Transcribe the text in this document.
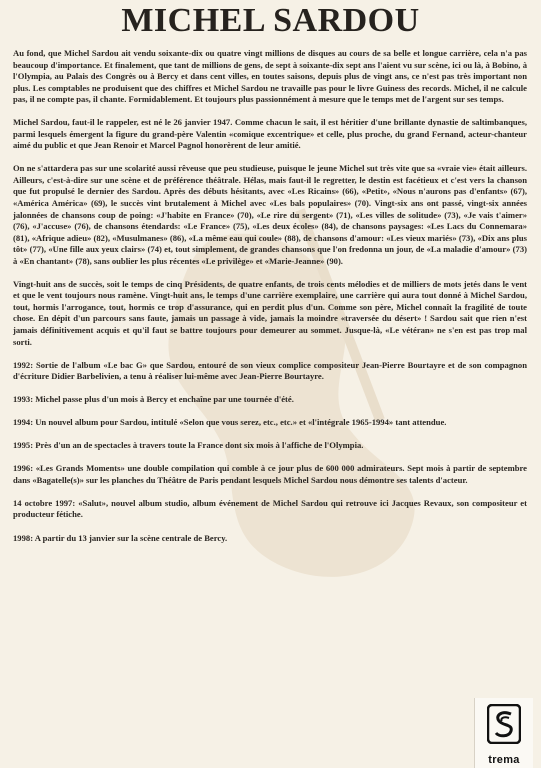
MICHEL SARDOU

Au fond, que Michel Sardou ait vendu soixante-dix ou quatre vingt millions de disques au cours de sa belle et longue carrière, cela n'a pas beaucoup d'importance. Et finalement, que tant de millions de gens, de sept à soixante-dix sept ans l'aient vu sur scène, ici ou là, à Bobino, à l'Olympia, au Palais des Congrès ou à Bercy et dans cent villes, en toutes saisons, depuis plus de vingt ans, ce n'est pas très important non plus. Les comptables ne produisent que des chiffres et Michel Sardou ne travaille pas pour le livre Guiness des records. Michel, il ne calcule pas, il ne compte pas, il chante. Formidablement. Et toujours plus passionnément à mesure que le temps met de l'argent sur ses temps.

Michel Sardou, faut-il le rappeler, est né le 26 janvier 1947. Comme chacun le sait, il est héritier d'une brillante dynastie de saltimbanques, parmi lesquels émergent la figure du grand-père Valentin «comique excentrique» et celle, plus proche, du grand Fernand, acteur-chanteur aimé du public et que Jean Renoir et Marcel Pagnol honorèrent de leur amitié.

On ne s'attardera pas sur une scolarité aussi rêveuse que peu studieuse, puisque le jeune Michel sut très vite que sa «vraie vie» était ailleurs. Ailleurs, c'est-à-dire sur une scène et de préférence théâtrale. Hélas, mais faut-il le regretter, le destin est facétieux et c'est vers la chanson que fut propulsé le dernier des Sardou. Après des débuts hésitants, avec «Les Ricains» (66), «Petit», «Nous n'aurons pas d'enfants» (67), «América América» (69), le succès vint brutalement à Michel avec «Les bals populaires» (70). Vingt-six ans ont passé, vingt-six années jalonnées de chansons coup de poing: «J'habite en France» (70), «Le rire du sergent» (71), «Les villes de solitude» (73), «Je vais t'aimer» (76), «J'accuse» (76), de chansons étendards: «Le France» (75), «Les deux écoles» (84), de chansons paysages: «Les Lacs du Connemara» (81), «Afrique adieu» (82), «Musulmanes» (86), «La même eau qui coule» (88), de chansons d'amour: «Les vieux mariés» (73), «Dix ans plus tôt» (77), «Une fille aux yeux clairs» (74) et, tout simplement, de grandes chansons que l'on fredonna un jour, de «La maladie d'amour» (73) à «En chantant» (78), sans oublier les plus récentes «Le privilège» et «Marie-Jeanne» (90).

Vingt-huit ans de succès, soit le temps de cinq Présidents, de quatre enfants, de trois cents mélodies et de milliers de mots jetés dans le vent et que le vent toujours nous ramène. Vingt-huit ans, le temps d'une carrière exemplaire, une carrière qui aura tout donné à Michel Sardou, tout, hormis l'arrogance, tout, hormis ce trop d'assurance, qui en perdit plus d'un. Comme son père, Michel connaît la fragilité de toute chose. En dépit d'un parcours sans faute, jamais un passage à vide, jamais la moindre «traversée du désert» ! Sardou sait que rien n'est jamais définitivement acquis et qu'il faut se battre toujours pour demeurer au sommet. Jusque-là, «Le vétéran» ne s'en est pas trop mal sorti.

1992: Sortie de l'album «Le bac G» que Sardou, entouré de son vieux complice compositeur Jean-Pierre Bourtayre et de son compagnon d'écriture Didier Barbelivien, a tenu à réaliser lui-même avec Jean-Pierre Bourtayre.

1993: Michel passe plus d'un mois à Bercy et enchaîne par une tournée d'été.

1994: Un nouvel album pour Sardou, intitulé «Selon que vous serez, etc., etc.» et «l'intégrale 1965-1994» tant attendue.

1995: Près d'un an de spectacles à travers toute la France dont six mois à l'affiche de l'Olympia.

1996: «Les Grands Moments» une double compilation qui comble à ce jour plus de 600 000 admirateurs. Sept mois à partir de septembre dans «Bagatelle(s)» sur les planches du Théâtre de Paris pendant lesquels Michel Sardou nous démontre ses talents d'acteur.

14 octobre 1997: «Salut», nouvel album studio, album événement de Michel Sardou qui retrouve ici Jacques Revaux, son compositeur et producteur fétiche.

1998: A partir du 13 janvier sur la scène centrale de Bercy.

trema
